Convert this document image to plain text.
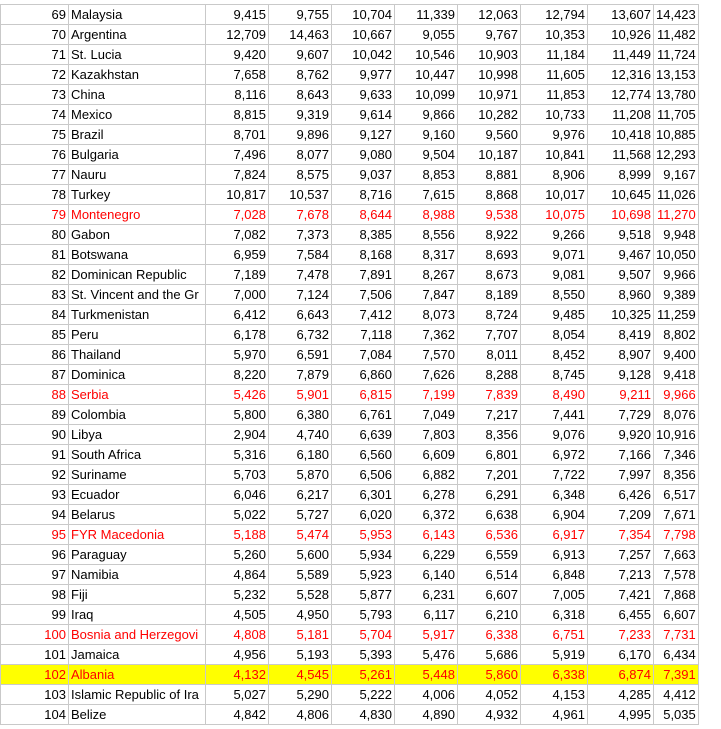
69	Malaysia	9,415	9,755	10,704	11,339	12,063	12,794	13,607	14,423
70	Argentina	12,709	14,463	10,667	9,055	9,767	10,353	10,926	11,482
71	St. Lucia	9,420	9,607	10,042	10,546	10,903	11,184	11,449	11,724
72	Kazakhstan	7,658	8,762	9,977	10,447	10,998	11,605	12,316	13,153
73	China	8,116	8,643	9,633	10,099	10,971	11,853	12,774	13,780
74	Mexico	8,815	9,319	9,614	9,866	10,282	10,733	11,208	11,705
75	Brazil	8,701	9,896	9,127	9,160	9,560	9,976	10,418	10,885
76	Bulgaria	7,496	8,077	9,080	9,504	10,187	10,841	11,568	12,293
77	Nauru	7,824	8,575	9,037	8,853	8,881	8,906	8,999	9,167
78	Turkey	10,817	10,537	8,716	7,615	8,868	10,017	10,645	11,026
79	Montenegro	7,028	7,678	8,644	8,988	9,538	10,075	10,698	11,270
80	Gabon	7,082	7,373	8,385	8,556	8,922	9,266	9,518	9,948
81	Botswana	6,959	7,584	8,168	8,317	8,693	9,071	9,467	10,050
82	Dominican Republic	7,189	7,478	7,891	8,267	8,673	9,081	9,507	9,966
83	St. Vincent and the Gr	7,000	7,124	7,506	7,847	8,189	8,550	8,960	9,389
84	Turkmenistan	6,412	6,643	7,412	8,073	8,724	9,485	10,325	11,259
85	Peru	6,178	6,732	7,118	7,362	7,707	8,054	8,419	8,802
86	Thailand	5,970	6,591	7,084	7,570	8,011	8,452	8,907	9,400
87	Dominica	8,220	7,879	6,860	7,626	8,288	8,745	9,128	9,418
88	Serbia	5,426	5,901	6,815	7,199	7,839	8,490	9,211	9,966
89	Colombia	5,800	6,380	6,761	7,049	7,217	7,441	7,729	8,076
90	Libya	2,904	4,740	6,639	7,803	8,356	9,076	9,920	10,916
91	South Africa	5,316	6,180	6,560	6,609	6,801	6,972	7,166	7,346
92	Suriname	5,703	5,870	6,506	6,882	7,201	7,722	7,997	8,356
93	Ecuador	6,046	6,217	6,301	6,278	6,291	6,348	6,426	6,517
94	Belarus	5,022	5,727	6,020	6,372	6,638	6,904	7,209	7,671
95	FYR Macedonia	5,188	5,474	5,953	6,143	6,536	6,917	7,354	7,798
96	Paraguay	5,260	5,600	5,934	6,229	6,559	6,913	7,257	7,663
97	Namibia	4,864	5,589	5,923	6,140	6,514	6,848	7,213	7,578
98	Fiji	5,232	5,528	5,877	6,231	6,607	7,005	7,421	7,868
99	Iraq	4,505	4,950	5,793	6,117	6,210	6,318	6,455	6,607
100	Bosnia and Herzegovi	4,808	5,181	5,704	5,917	6,338	6,751	7,233	7,731
101	Jamaica	4,956	5,193	5,393	5,476	5,686	5,919	6,170	6,434
102	Albania	4,132	4,545	5,261	5,448	5,860	6,338	6,874	7,391
103	Islamic Republic of Ira	5,027	5,290	5,222	4,006	4,052	4,153	4,285	4,412
104	Belize	4,842	4,806	4,830	4,890	4,932	4,961	4,995	5,035
